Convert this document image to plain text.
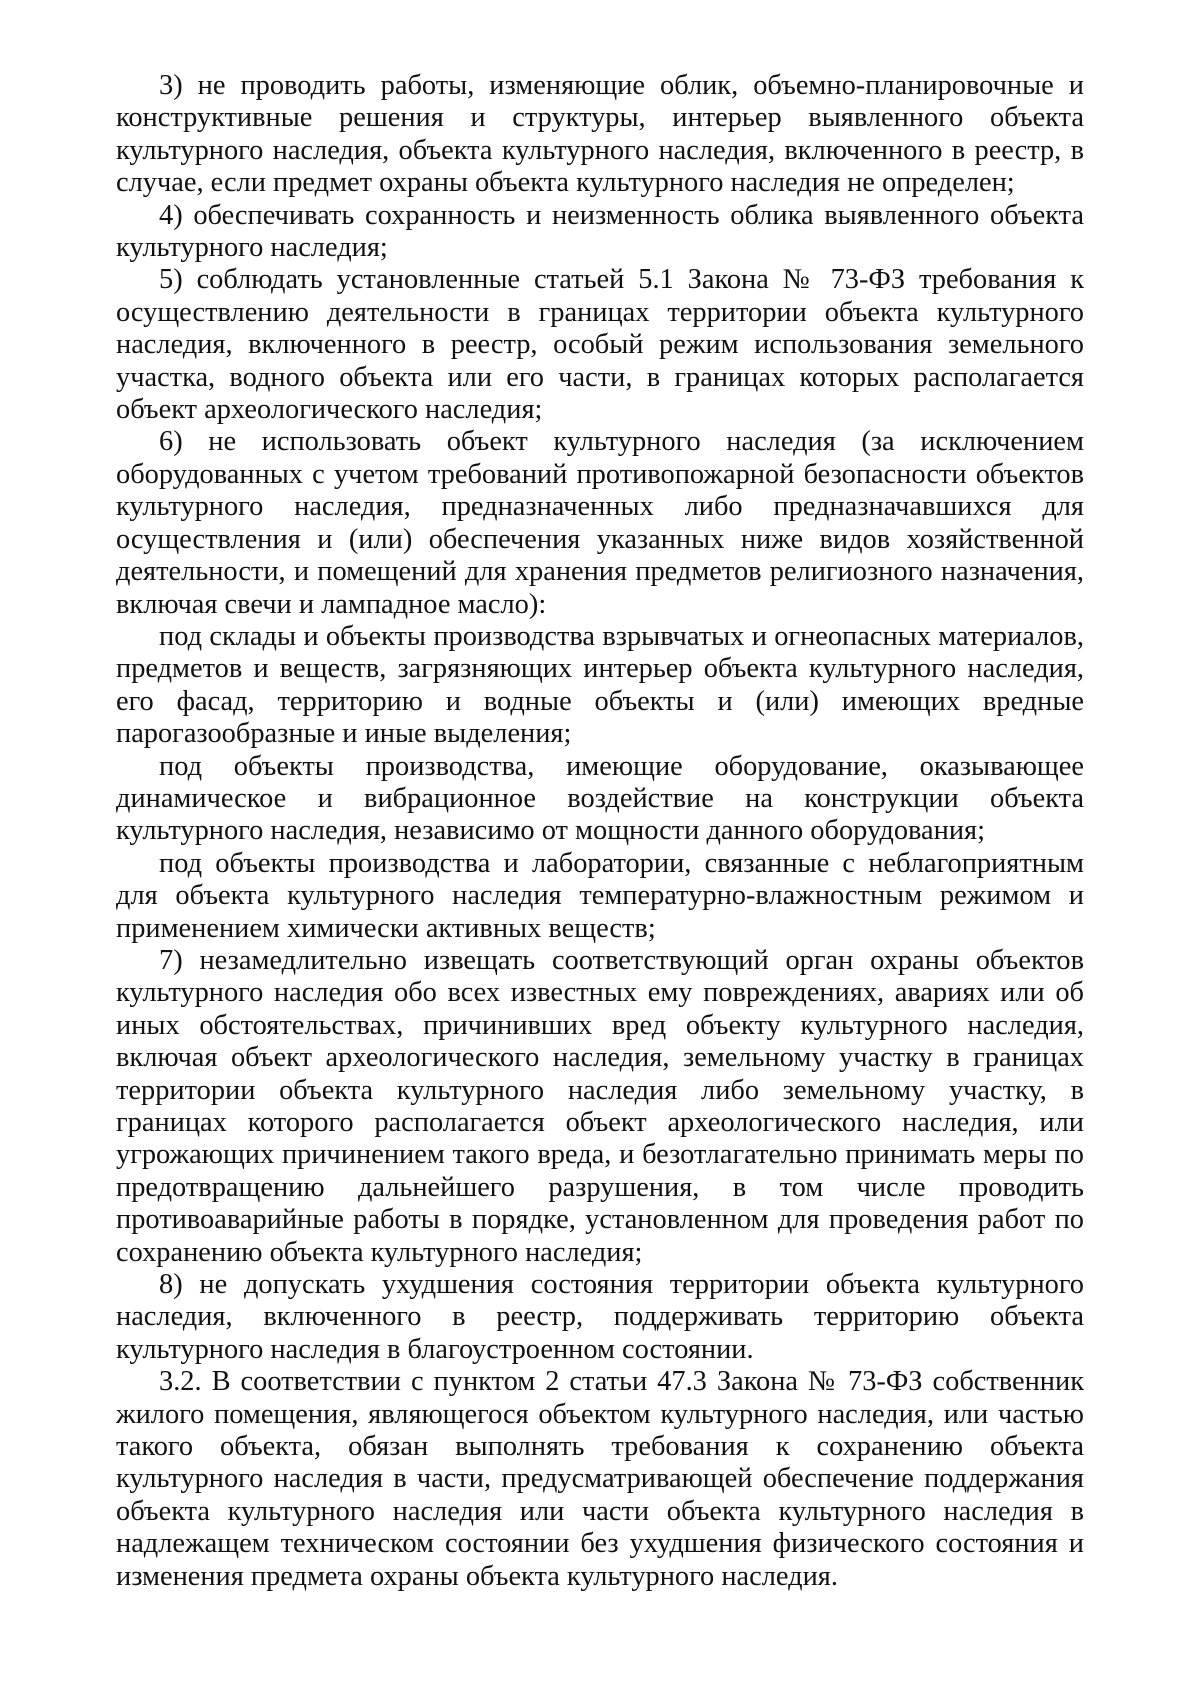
3) не проводить работы, изменяющие облик, объемно-планировочные и конструктивные решения и структуры, интерьер выявленного объекта культурного наследия, объекта культурного наследия, включенного в реестр, в случае, если предмет охраны объекта культурного наследия не определен;

4) обеспечивать сохранность и неизменность облика выявленного объекта культурного наследия;

5) соблюдать установленные статьей 5.1 Закона № 73-ФЗ требования к осуществлению деятельности в границах территории объекта культурного наследия, включенного в реестр, особый режим использования земельного участка, водного объекта или его части, в границах которых располагается объект археологического наследия;

6) не использовать объект культурного наследия (за исключением оборудованных с учетом требований противопожарной безопасности объектов культурного наследия, предназначенных либо предназначавшихся для осуществления и (или) обеспечения указанных ниже видов хозяйственной деятельности, и помещений для хранения предметов религиозного назначения, включая свечи и лампадное масло):

под склады и объекты производства взрывчатых и огнеопасных материалов, предметов и веществ, загрязняющих интерьер объекта культурного наследия, его фасад, территорию и водные объекты и (или) имеющих вредные парогазообразные и иные выделения;

под объекты производства, имеющие оборудование, оказывающее динамическое и вибрационное воздействие на конструкции объекта культурного наследия, независимо от мощности данного оборудования;

под объекты производства и лаборатории, связанные с неблагоприятным для объекта культурного наследия температурно-влажностным режимом и применением химически активных веществ;

7) незамедлительно извещать соответствующий орган охраны объектов культурного наследия обо всех известных ему повреждениях, авариях или об иных обстоятельствах, причинивших вред объекту культурного наследия, включая объект археологического наследия, земельному участку в границах территории объекта культурного наследия либо земельному участку, в границах которого располагается объект археологического наследия, или угрожающих причинением такого вреда, и безотлагательно принимать меры по предотвращению дальнейшего разрушения, в том числе проводить противоаварийные работы в порядке, установленном для проведения работ по сохранению объекта культурного наследия;

8) не допускать ухудшения состояния территории объекта культурного наследия, включенного в реестр, поддерживать территорию объекта культурного наследия в благоустроенном состоянии.

3.2. В соответствии с пунктом 2 статьи 47.3 Закона № 73-ФЗ собственник жилого помещения, являющегося объектом культурного наследия, или частью такого объекта, обязан выполнять требования к сохранению объекта культурного наследия в части, предусматривающей обеспечение поддержания объекта культурного наследия или части объекта культурного наследия в надлежащем техническом состоянии без ухудшения физического состояния и изменения предмета охраны объекта культурного наследия.
